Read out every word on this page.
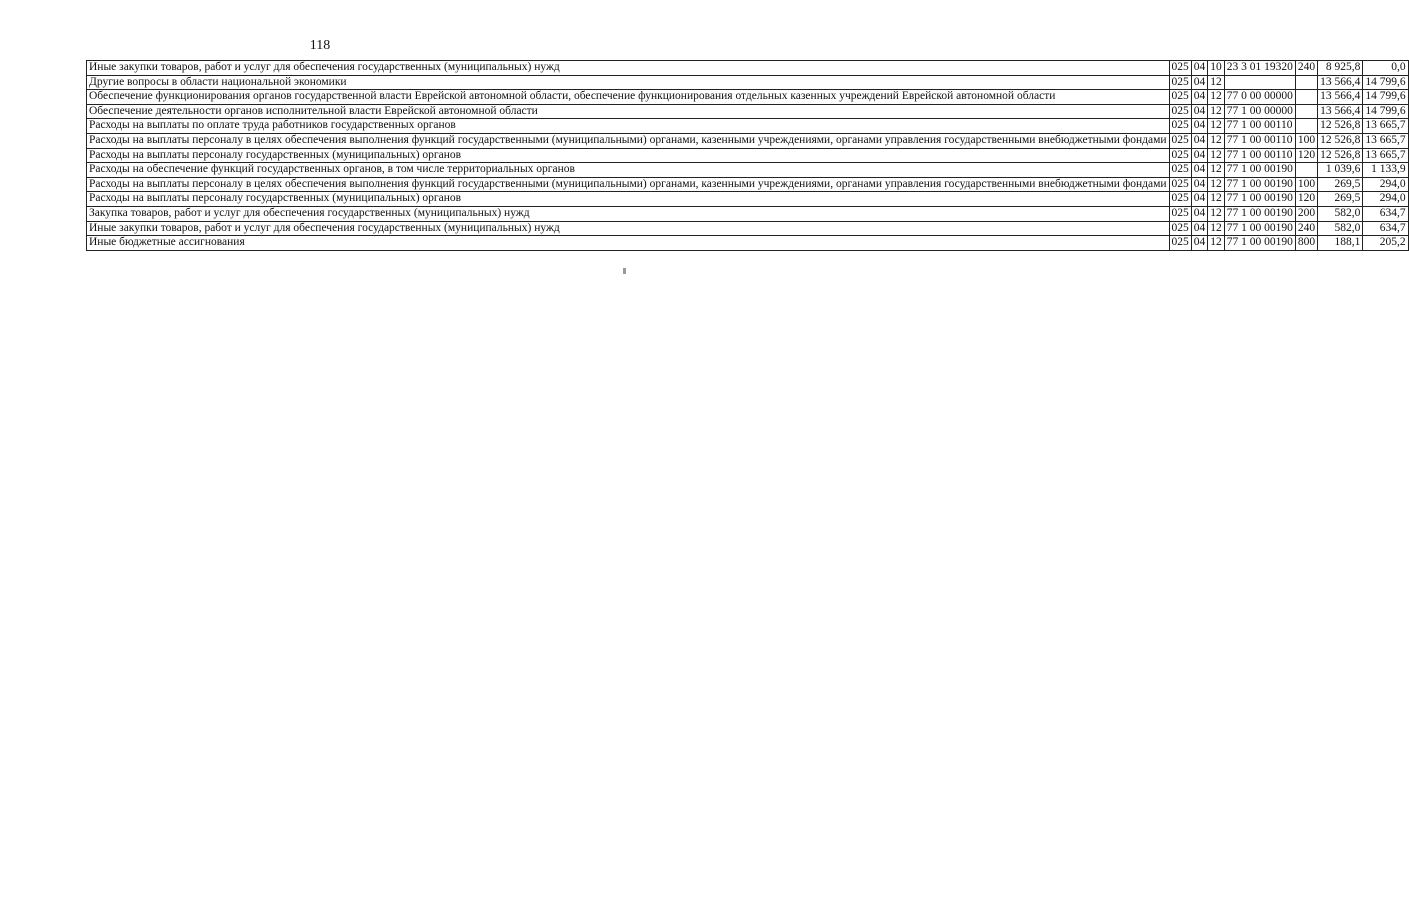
118
Иные закупки товаров, работ и услуг для обеспечения государственных (муниципальных) нужд	025	04	10	23 3 01 19320	240	8 925,8	0,0
Другие вопросы в области национальной экономики	025	04	12			13 566,4	14 799,6
Обеспечение функционирования органов государственной власти Еврейской автономной области, обеспечение функционирования отдельных казенных учреждений Еврейской автономной области	025	04	12	77 0 00 00000		13 566,4	14 799,6
Обеспечение деятельности органов исполнительной власти Еврейской автономной области	025	04	12	77 1 00 00000		13 566,4	14 799,6
Расходы на выплаты по оплате труда работников государственных органов	025	04	12	77 1 00 00110		12 526,8	13 665,7
Расходы на выплаты персоналу в целях обеспечения выполнения функций государственными (муниципальными) органами, казенными учреждениями, органами управления государственными внебюджетными фондами	025	04	12	77 1 00 00110	100	12 526,8	13 665,7
Расходы на выплаты персоналу государственных (муниципальных) органов	025	04	12	77 1 00 00110	120	12 526,8	13 665,7
Расходы на обеспечение функций государственных органов, в том числе территориальных органов	025	04	12	77 1 00 00190		1 039,6	1 133,9
Расходы на выплаты персоналу в целях обеспечения выполнения функций государственными (муниципальными) органами, казенными учреждениями, органами управления государственными внебюджетными фондами	025	04	12	77 1 00 00190	100	269,5	294,0
Расходы на выплаты персоналу государственных (муниципальных) органов	025	04	12	77 1 00 00190	120	269,5	294,0
Закупка товаров, работ и услуг для обеспечения государственных (муниципальных) нужд	025	04	12	77 1 00 00190	200	582,0	634,7
Иные закупки товаров, работ и услуг для обеспечения государственных (муниципальных) нужд	025	04	12	77 1 00 00190	240	582,0	634,7
Иные бюджетные ассигнования	025	04	12	77 1 00 00190	800	188,1	205,2
